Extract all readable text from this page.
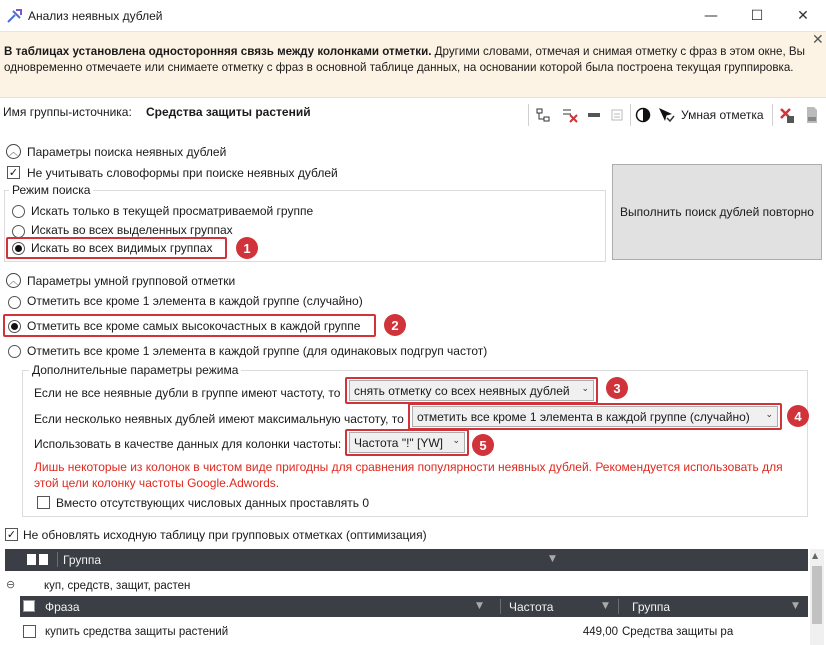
Анализ неявных дублей	—	☐	✕
В таблицах установлена односторонняя связь между колонками отметки. Другими словами, отмечая и снимая отметку с фраз в этом окне, Вы одновременно отмечаете или снимаете отметку с фраз в основной таблице данных, на основании которой была построена текущая группировка.
✕
Имя группы-источника: Средства защиты растений	Умная отметка
︿ Параметры поиска неявных дублей
✓ Не учитывать словоформы при поиске неявных дублей
Режим поиска
Искать только в текущей просматриваемой группе
Искать во всех выделенных группах
Искать во всех видимых группах	1
Выполнить поиск дублей повторно
︿ Параметры умной групповой отметки
Отметить все кроме 1 элемента в каждой группе (случайно)
Отметить все кроме самых высокочастных в каждой группе	2
Отметить все кроме 1 элемента в каждой группе (для одинаковых подгруп частот)
Дополнительные параметры режима
Если не все неявные дубли в группе имеют частоту, то снять отметку со всех неявных дублей ⌄	3
Если несколько неявных дублей имеют максимальную частоту, то отметить все кроме 1 элемента в каждой группе (случайно) ⌄	4
Использовать в качестве данных для колонки частоты: Частота "!" [YW] ⌄	5
Лишь некоторые из колонок в чистом виде пригодны для сравнения популярности неявных дублей. Рекомендуется использовать для этой цели колонку частоты Google.Adwords.
Вместо отсутствующих числовых данных проставлять 0
✓ Не обновлять исходную таблицу при групповых отметках (оптимизация)
Группа	▼
⊖	куп, средств, защит, растен
Фраза	▼ Частота	▼ Группа	▼
купить средства защиты растений	449,00 Средства защиты ра
▲
